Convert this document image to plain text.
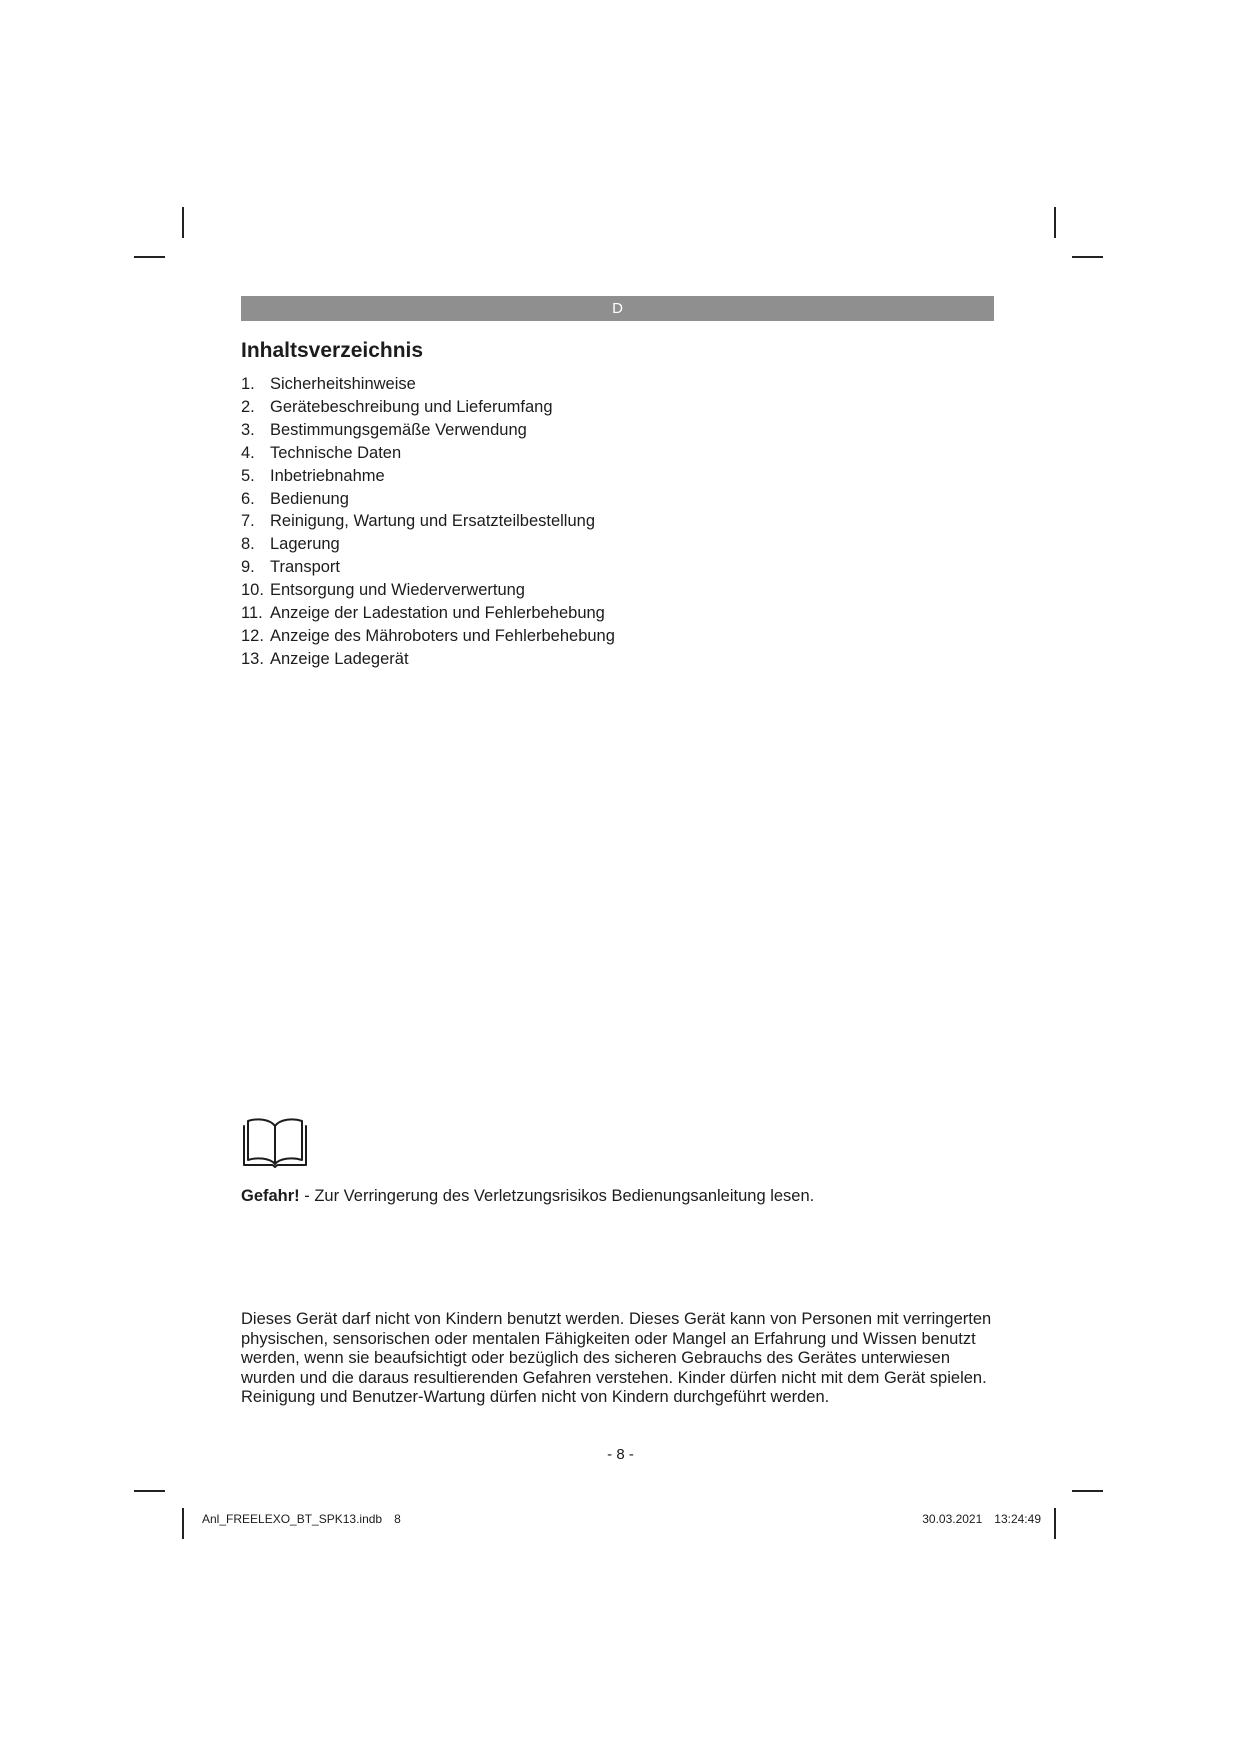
D
Inhaltsverzeichnis
1. Sicherheitshinweise
2. Gerätebeschreibung und Lieferumfang
3. Bestimmungsgemäße Verwendung
4. Technische Daten
5. Inbetriebnahme
6. Bedienung
7. Reinigung, Wartung und Ersatzteilbestellung
8. Lagerung
9. Transport
10. Entsorgung und Wiederverwertung
11. Anzeige der Ladestation und Fehlerbehebung
12. Anzeige des Mähroboters und Fehlerbehebung
13. Anzeige Ladegerät

Gefahr! - Zur Verringerung des Verletzungsrisikos Bedienungsanleitung lesen.

Dieses Gerät darf nicht von Kindern benutzt werden. Dieses Gerät kann von Personen mit verringerten
physischen, sensorischen oder mentalen Fähigkeiten oder Mangel an Erfahrung und Wissen benutzt
werden, wenn sie beaufsichtigt oder bezüglich des sicheren Gebrauchs des Gerätes unterwiesen
wurden und die daraus resultierenden Gefahren verstehen. Kinder dürfen nicht mit dem Gerät spielen.
Reinigung und Benutzer-Wartung dürfen nicht von Kindern durchgeführt werden.

- 8 -
Anl_FREELEXO_BT_SPK13.indb 8	30.03.2021 13:24:49
